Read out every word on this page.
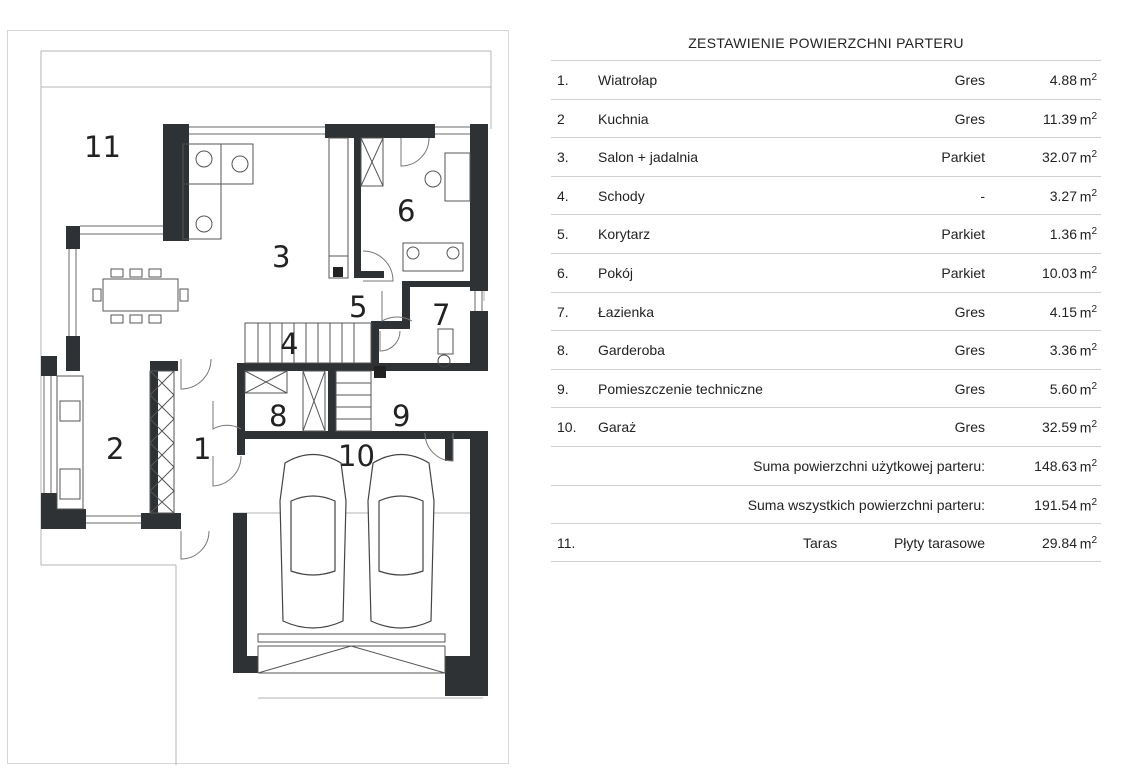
1
2
3
4
5
6
7
8	9
10
11
ZESTAWIENIE POWIERZCHNI PARTERU
1. Wiatrołap	Gres	4.88 $m^2$
2 Kuchnia	Gres	11.39 $m^2$
3. Salon + jadalnia	Parkiet	32.07 $m^2$
4. Schody	-	3.27 $m^2$
5. Korytarz	Parkiet	1.36 $m^2$
6. Pokój	Parkiet	10.03 $m^2$
7. Łazienka	Gres	4.15 $m^2$
8. Garderoba	Gres	3.36 $m^2$
9. Pomieszczenie techniczne	Gres	5.60 $m^2$
10. Garaż	Gres	32.59 $m^2$
Suma powierzchni użytkowej parteru:	148.63 $m^2$
Suma wszystkich powierzchni parteru:	191.54 $m^2$
11.	Taras	Płyty tarasowe	29.84 $m^2$
